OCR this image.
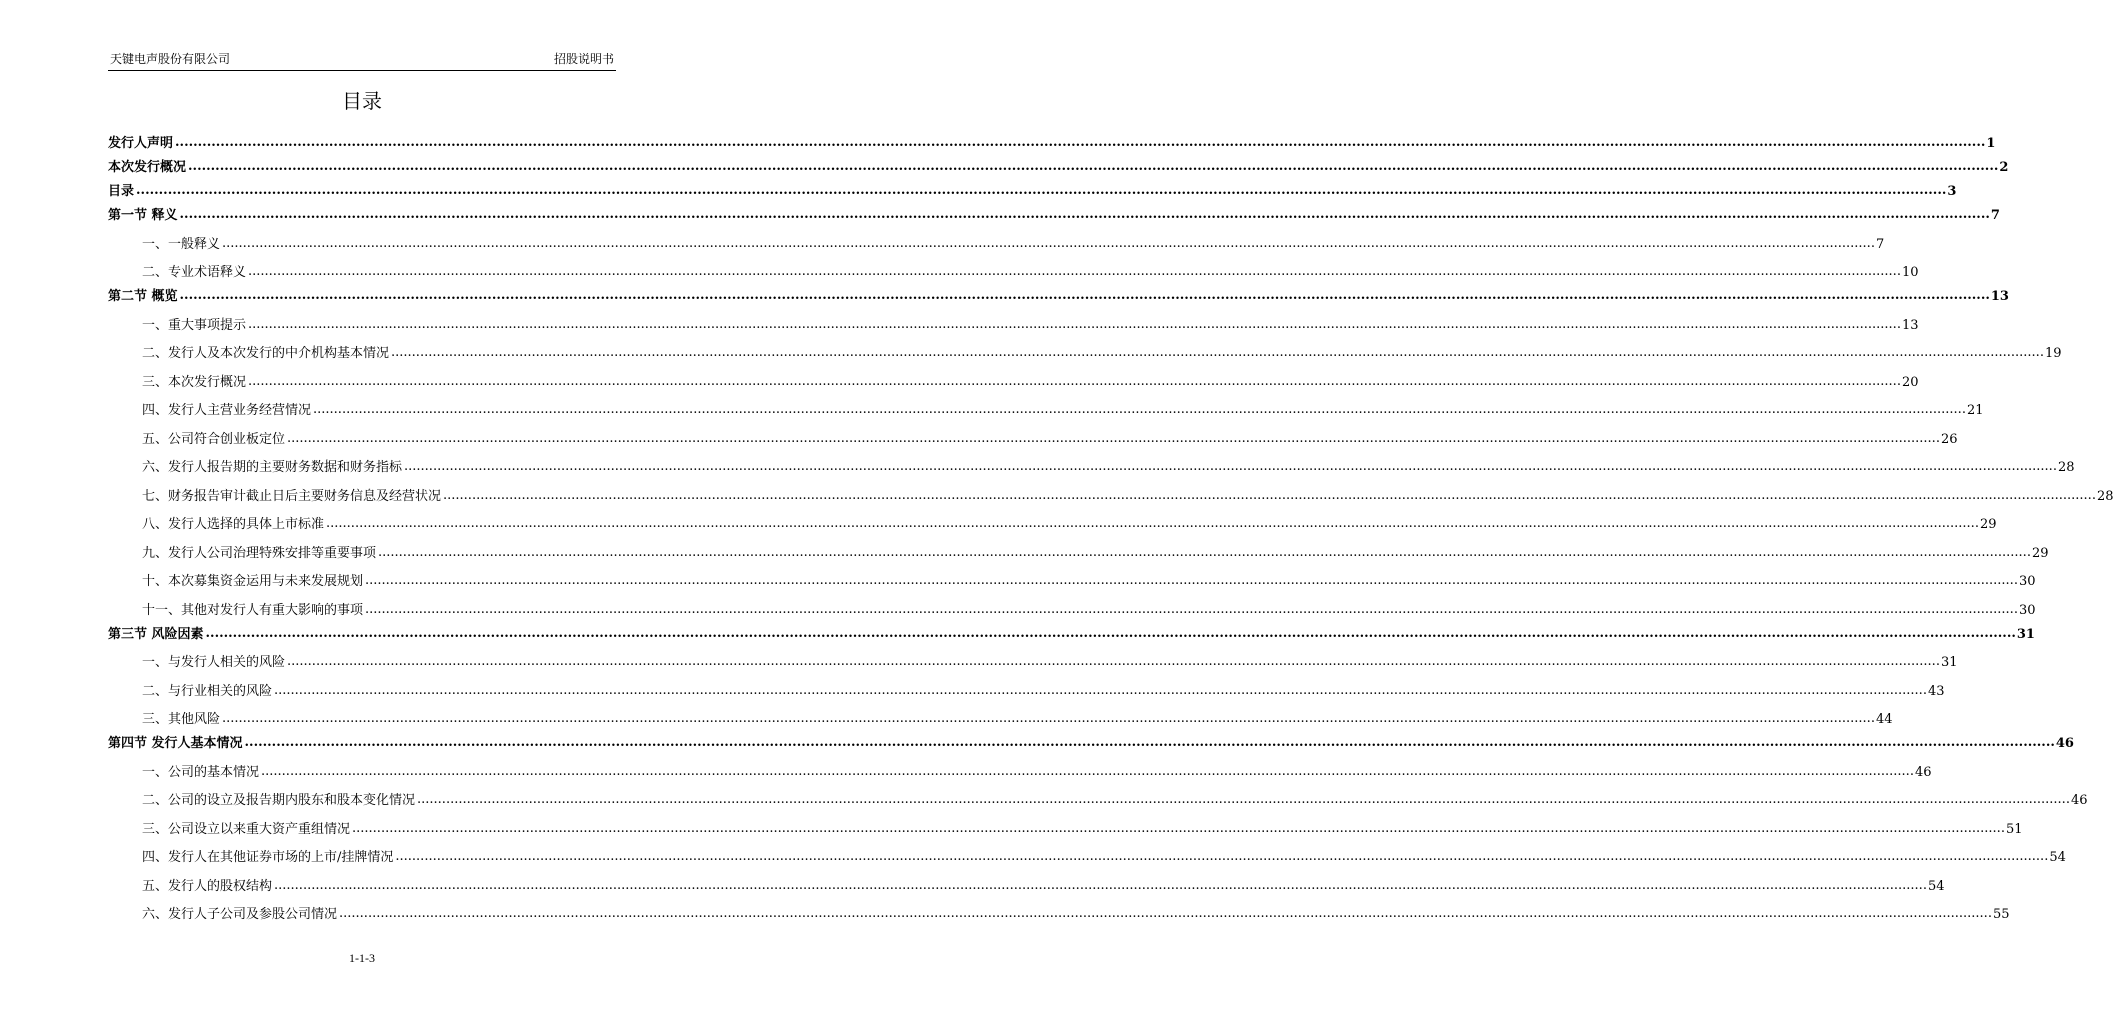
天键电声股份有限公司	招股说明书
目录
发行人声明 ................................................................................................................................................................................................................................................................................................................................................................................................................ 1
本次发行概况 ................................................................................................................................................................................................................................................................................................................................................................................................................ 2
目录 ................................................................................................................................................................................................................................................................................................................................................................................................................ 3
第一节 释义 ................................................................................................................................................................................................................................................................................................................................................................................................................ 7
一、一般释义 ................................................................................................................................................................................................................................................................................................................................................................................................................ 7
二、专业术语释义 ................................................................................................................................................................................................................................................................................................................................................................................................................ 10
第二节 概览 ................................................................................................................................................................................................................................................................................................................................................................................................................ 13
一、重大事项提示 ................................................................................................................................................................................................................................................................................................................................................................................................................ 13
二、发行人及本次发行的中介机构基本情况 ................................................................................................................................................................................................................................................................................................................................................................................................................ 19
三、本次发行概况 ................................................................................................................................................................................................................................................................................................................................................................................................................ 20
四、发行人主营业务经营情况 ................................................................................................................................................................................................................................................................................................................................................................................................................ 21
五、公司符合创业板定位 ................................................................................................................................................................................................................................................................................................................................................................................................................ 26
六、发行人报告期的主要财务数据和财务指标 ................................................................................................................................................................................................................................................................................................................................................................................................................ 28
七、财务报告审计截止日后主要财务信息及经营状况 ................................................................................................................................................................................................................................................................................................................................................................................................................ 28
八、发行人选择的具体上市标准 ................................................................................................................................................................................................................................................................................................................................................................................................................ 29
九、发行人公司治理特殊安排等重要事项 ................................................................................................................................................................................................................................................................................................................................................................................................................ 29
十、本次募集资金运用与未来发展规划 ................................................................................................................................................................................................................................................................................................................................................................................................................ 30
十一、其他对发行人有重大影响的事项 ................................................................................................................................................................................................................................................................................................................................................................................................................ 30
第三节 风险因素 ................................................................................................................................................................................................................................................................................................................................................................................................................ 31
一、与发行人相关的风险 ................................................................................................................................................................................................................................................................................................................................................................................................................ 31
二、与行业相关的风险 ................................................................................................................................................................................................................................................................................................................................................................................................................ 43
三、其他风险 ................................................................................................................................................................................................................................................................................................................................................................................................................ 44
第四节 发行人基本情况 ................................................................................................................................................................................................................................................................................................................................................................................................................ 46
一、公司的基本情况 ................................................................................................................................................................................................................................................................................................................................................................................................................ 46
二、公司的设立及报告期内股东和股本变化情况 ................................................................................................................................................................................................................................................................................................................................................................................................................ 46
三、公司设立以来重大资产重组情况 ................................................................................................................................................................................................................................................................................................................................................................................................................ 51
四、发行人在其他证券市场的上市/挂牌情况 ................................................................................................................................................................................................................................................................................................................................................................................................................ 54
五、发行人的股权结构 ................................................................................................................................................................................................................................................................................................................................................................................................................ 54
六、发行人子公司及参股公司情况 ................................................................................................................................................................................................................................................................................................................................................................................................................ 55
1-1-3
